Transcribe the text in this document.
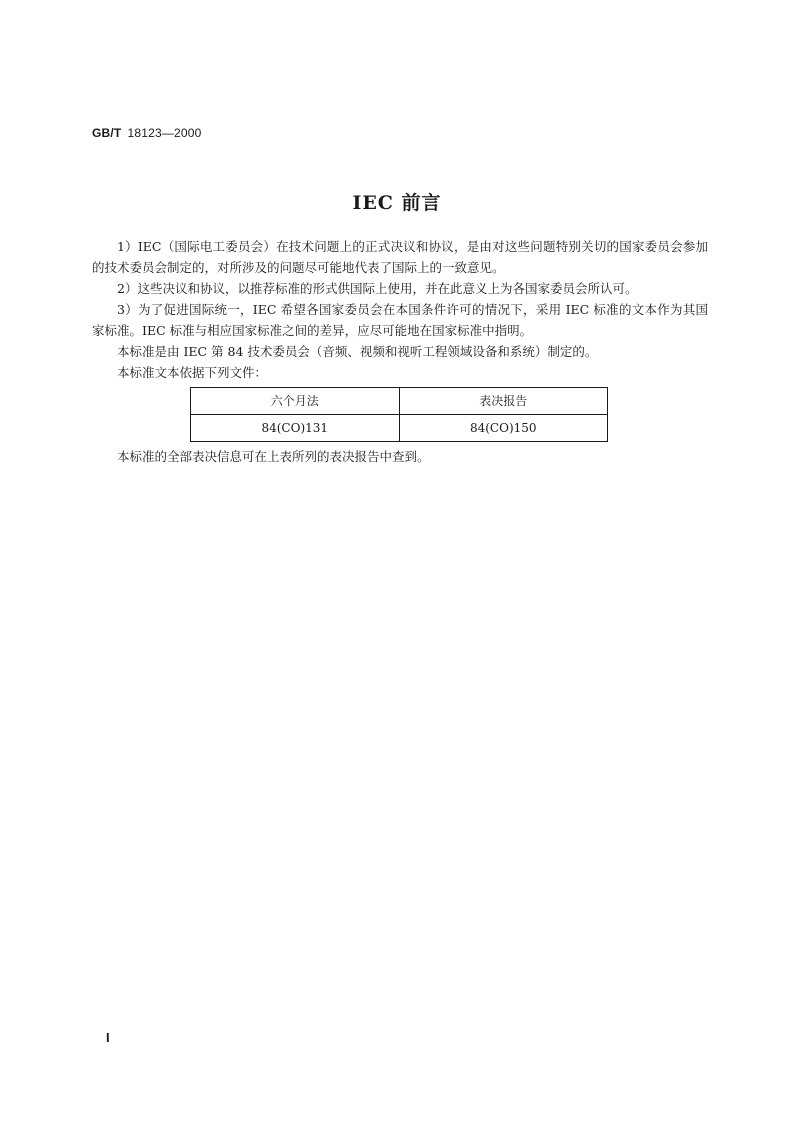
GB/T 18123—2000
IEC 前言

1）IEC（国际电工委员会）在技术问题上的正式决议和协议，是由对这些问题特别关切的国家委员会参加的技术委员会制定的，对所涉及的问题尽可能地代表了国际上的一致意见。

2）这些决议和协议，以推荐标准的形式供国际上使用，并在此意义上为各国家委员会所认可。

3）为了促进国际统一，IEC 希望各国家委员会在本国条件许可的情况下，采用 IEC 标准的文本作为其国家标准。IEC 标准与相应国家标准之间的差异，应尽可能地在国家标准中指明。

本标准是由 IEC 第 84 技术委员会（音频、视频和视听工程领域设备和系统）制定的。

本标准文本依据下列文件：

六个月法	表决报告
84(CO)131	84(CO)150

本标准的全部表决信息可在上表所列的表决报告中查到。

I
